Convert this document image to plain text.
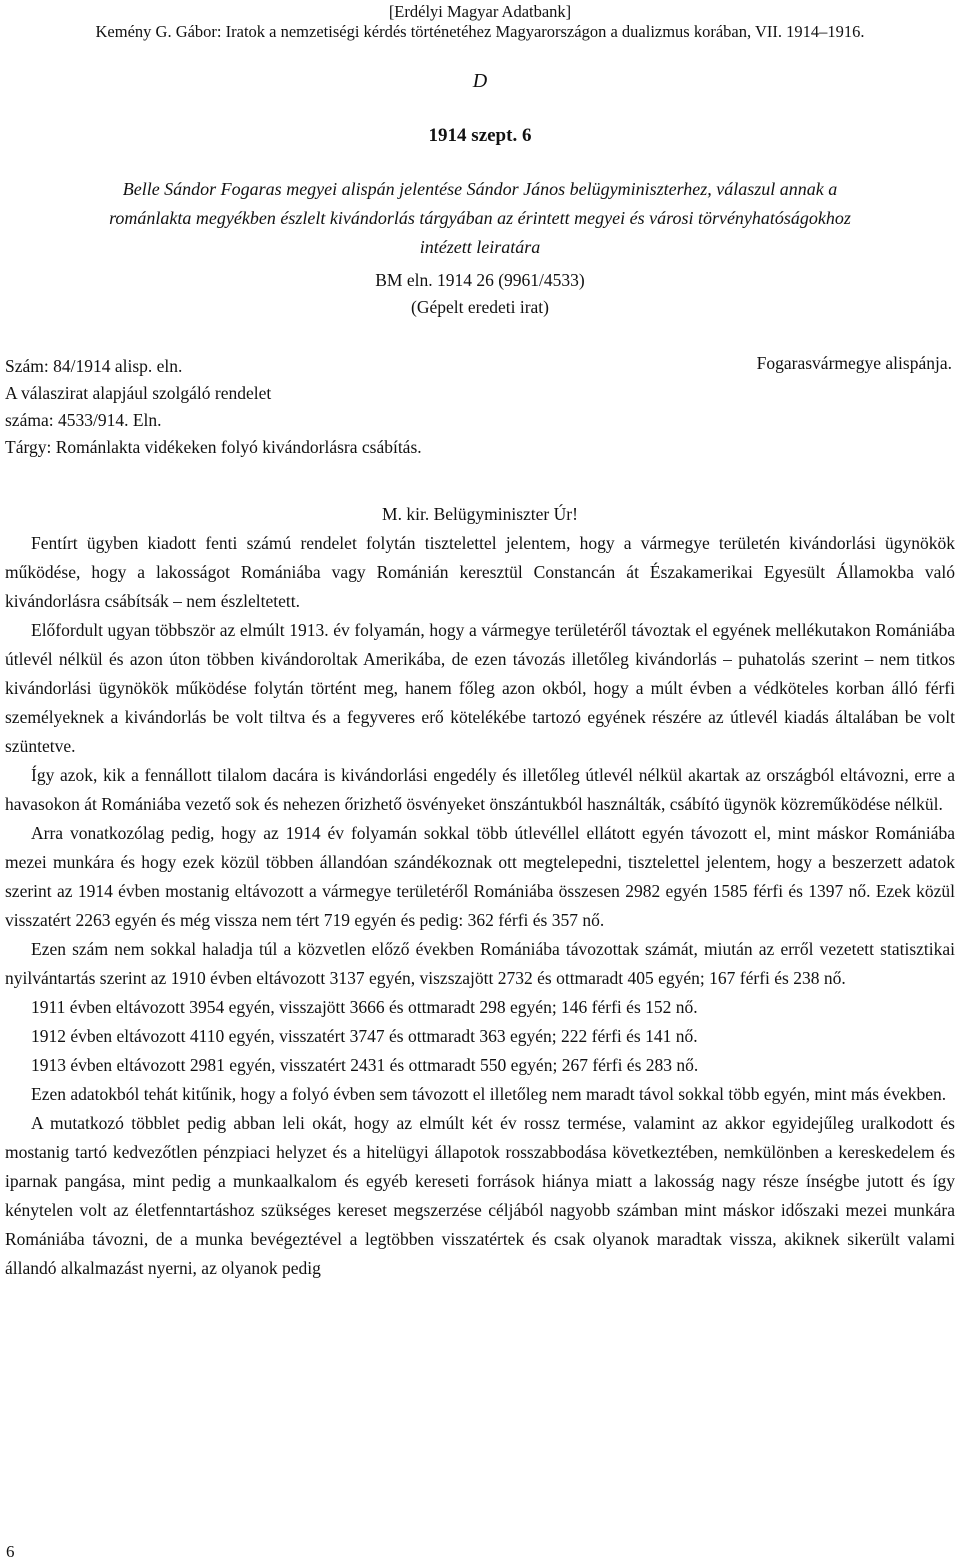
[Erdélyi Magyar Adatbank]
Kemény G. Gábor: Iratok a nemzetiségi kérdés történetéhez Magyarországon a dualizmus korában, VII. 1914–1916.
D
1914 szept. 6
Belle Sándor Fogaras megyei alispán jelentése Sándor János belügyminiszterhez, válaszul annak a románlakta megyékben észlelt kivándorlás tárgyában az érintett megyei és városi törvényhatóságokhoz intézett leiratára
BM eln. 1914 26 (9961/4533)
(Gépelt eredeti irat)
Szám: 84/1914 alisp. eln.
A válaszirat alapjául szolgáló rendelet
száma: 4533/914. Eln.
Tárgy: Románlakta vidékeken folyó kivándorlásra csábítás.
Fogarasvármegye alispánja.
M. kir. Belügyminiszter Úr!

Fentírt ügyben kiadott fenti számú rendelet folytán tisztelettel jelentem, hogy a vármegye területén kivándorlási ügynökök működése, hogy a lakosságot Romániába vagy Románián keresztül Constancán át Északamerikai Egyesült Államokba való kivándorlásra csábítsák – nem észleltetett.

Előfordult ugyan többször az elmúlt 1913. év folyamán, hogy a vármegye területéről távoztak el egyének mellékutakon Romániába útlevél nélkül és azon úton többen kivándoroltak Amerikába, de ezen távozás illetőleg kivándorlás – puhatolás szerint – nem titkos kivándorlási ügynökök működése folytán történt meg, hanem főleg azon okból, hogy a múlt évben a védköteles korban álló férfi személyeknek a kivándorlás be volt tiltva és a fegyveres erő kötelékébe tartozó egyének részére az útlevél kiadás általában be volt szüntetve.

Így azok, kik a fennállott tilalom dacára is kivándorlási engedély és illetőleg útlevél nélkül akartak az országból eltávozni, erre a havasokon át Romániába vezető sok és nehezen őrizhető ösvényeket önszántukból használták, csábító ügynök közreműködése nélkül.

Arra vonatkozólag pedig, hogy az 1914 év folyamán sokkal több útlevéllel ellátott egyén távozott el, mint máskor Romániába mezei munkára és hogy ezek közül többen állandóan szándékoznak ott megtelepedni, tisztelettel jelentem, hogy a beszerzett adatok szerint az 1914 évben mostanig eltávozott a vármegye területéről Romániába összesen 2982 egyén 1585 férfi és 1397 nő. Ezek közül visszatért 2263 egyén és még vissza nem tért 719 egyén és pedig: 362 férfi és 357 nő.

Ezen szám nem sokkal haladja túl a közvetlen előző években Romániába távozottak számát, miután az erről vezetett statisztikai nyilvántartás szerint az 1910 évben eltávozott 3137 egyén, viszszajött 2732 és ottmaradt 405 egyén; 167 férfi és 238 nő.

1911 évben eltávozott 3954 egyén, visszajött 3666 és ottmaradt 298 egyén; 146 férfi és 152 nő.

1912 évben eltávozott 4110 egyén, visszatért 3747 és ottmaradt 363 egyén; 222 férfi és 141 nő.

1913 évben eltávozott 2981 egyén, visszatért 2431 és ottmaradt 550 egyén; 267 férfi és 283 nő.

Ezen adatokból tehát kitűnik, hogy a folyó évben sem távozott el illetőleg nem maradt távol sokkal több egyén, mint más években.

A mutatkozó többlet pedig abban leli okát, hogy az elmúlt két év rossz termése, valamint az akkor egyidejűleg uralkodott és mostanig tartó kedvezőtlen pénzpiaci helyzet és a hitelügyi állapotok rosszabbodása következtében, nemkülönben a kereskedelem és iparnak pangása, mint pedig a munkaalkalom és egyéb kereseti források hiánya miatt a lakosság nagy része ínségbe jutott és így kénytelen volt az életfenntartáshoz szükséges kereset megszerzése céljából nagyobb számban mint máskor időszaki mezei munkára Romániába távozni, de a munka bevégeztével a legtöbben visszatértek és csak olyanok maradtak vissza, akiknek sikerült valami állandó alkalmazást nyerni, az olyanok pedig

6
